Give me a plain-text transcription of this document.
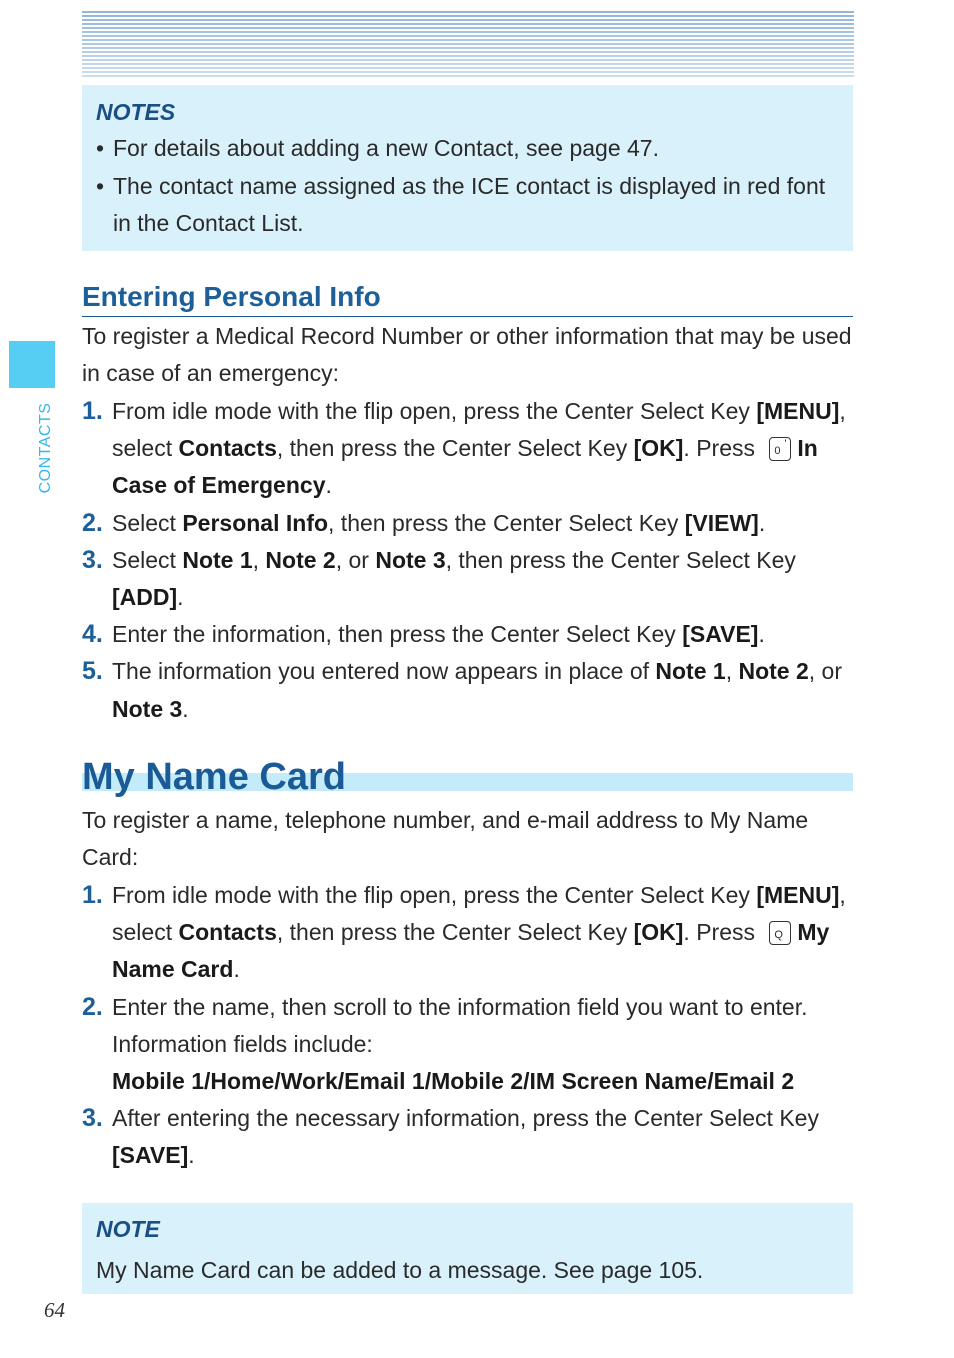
CONTACTS
NOTES
• For details about adding a new Contact, see page 47.
• The contact name assigned as the ICE contact is displayed in red font in the Contact List.
Entering Personal Info
To register a Medical Record Number or other information that may be used in case of an emergency:
1. From idle mode with the flip open, press the Center Select Key [MENU], select Contacts, then press the Center Select Key [OK]. Press 0
' In Case of Emergency.
2. Select Personal Info, then press the Center Select Key [VIEW].
3. Select Note 1, Note 2, or Note 3, then press the Center Select Key [ADD].
4. Enter the information, then press the Center Select Key [SAVE].
5. The information you entered now appears in place of Note 1, Note 2, or Note 3.
My Name Card
To register a name, telephone number, and e-mail address to My Name Card:
1. From idle mode with the flip open, press the Center Select Key [MENU], select Contacts, then press the Center Select Key [OK]. Press Q My Name Card.
2. Enter the name, then scroll to the information field you want to enter. Information fields include:
Mobile 1/Home/Work/Email 1/Mobile 2/IM Screen Name/Email 2
3. After entering the necessary information, press the Center Select Key [SAVE].
NOTE
My Name Card can be added to a message. See page 105.
64
